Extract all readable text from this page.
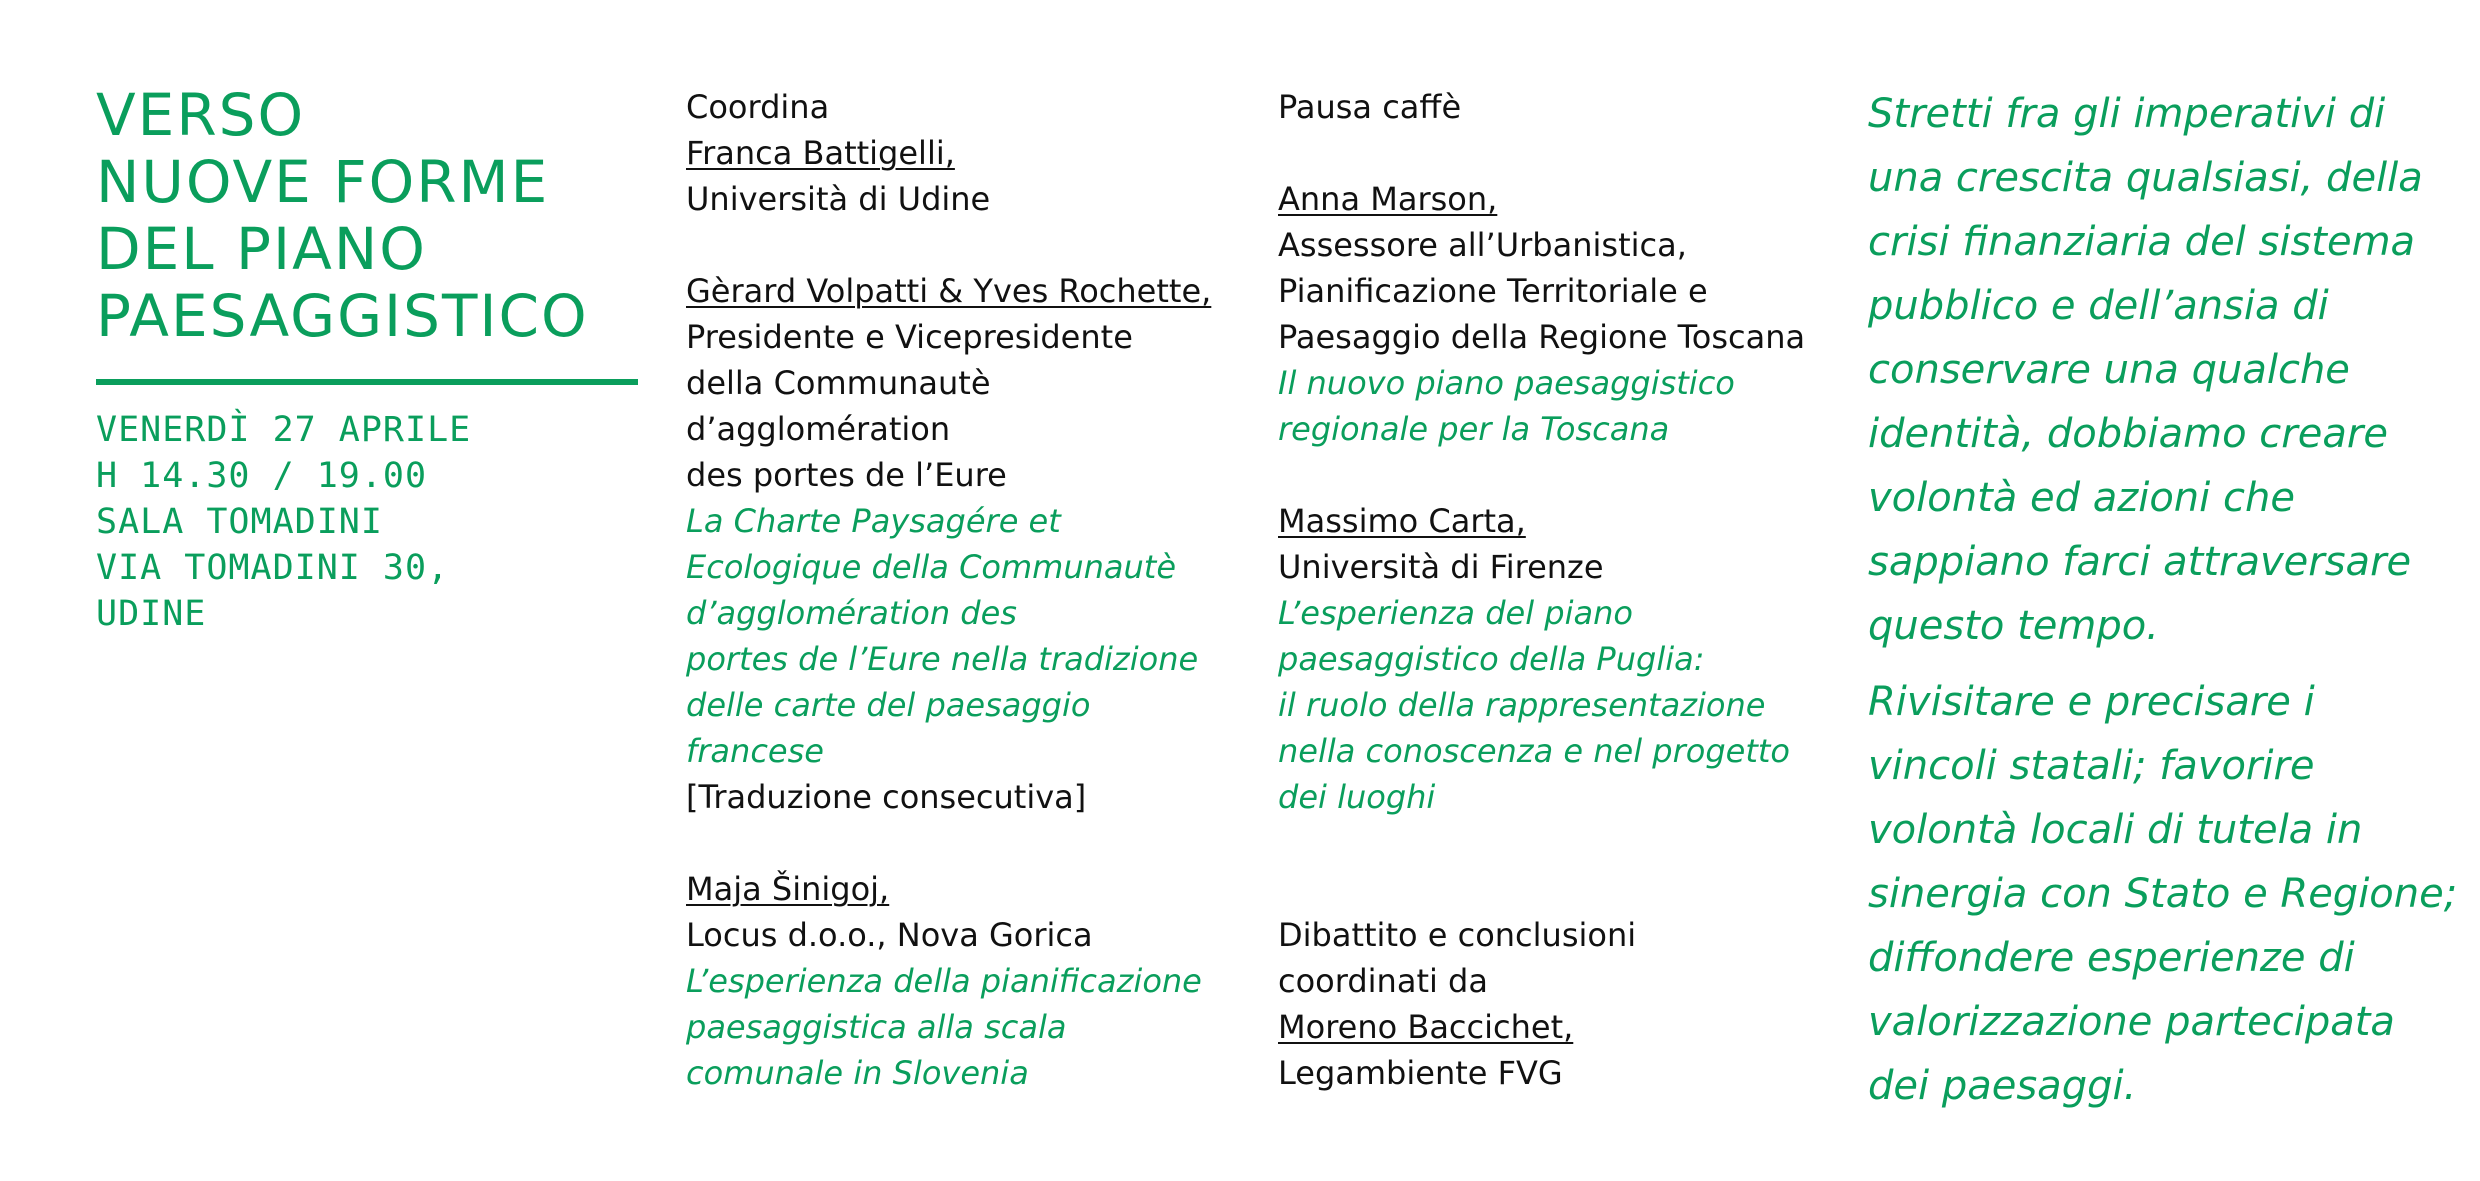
VERSO
NUOVE FORME
DEL PIANO
PAESAGGISTICO
VENERDÌ 27 APRILE
H 14.30 / 19.00
SALA TOMADINI
VIA TOMADINI 30,
UDINE
Coordina
Franca Battigelli,
Università di Udine
Gèrard Volpatti & Yves Rochette,
Presidente e Vicepresidente
della Communautè
d’agglomération
des portes de l’Eure
La Charte Paysagére et
Ecologique della Communautè
d’agglomération des
portes de l’Eure nella tradizione
delle carte del paesaggio
francese
[Traduzione consecutiva]
Maja Šinigoj,
Locus d.o.o., Nova Gorica
L’esperienza della pianificazione
paesaggistica alla scala
comunale in Slovenia
Pausa caffè
Anna Marson,
Assessore all’Urbanistica,
Pianificazione Territoriale e
Paesaggio della Regione Toscana
Il nuovo piano paesaggistico
regionale per la Toscana
Massimo Carta,
Università di Firenze
L’esperienza del piano
paesaggistico della Puglia:
il ruolo della rappresentazione
nella conoscenza e nel progetto
dei luoghi
Dibattito e conclusioni
coordinati da
Moreno Baccichet,
Legambiente FVG
Stretti fra gli imperativi di
una crescita qualsiasi, della
crisi finanziaria del sistema
pubblico e dell’ansia di
conservare una qualche
identità, dobbiamo creare
volontà ed azioni che
sappiano farci attraversare
questo tempo.
Rivisitare e precisare i
vincoli statali; favorire
volontà locali di tutela in
sinergia con Stato e Regione;
diffondere esperienze di
valorizzazione partecipata
dei paesaggi.
